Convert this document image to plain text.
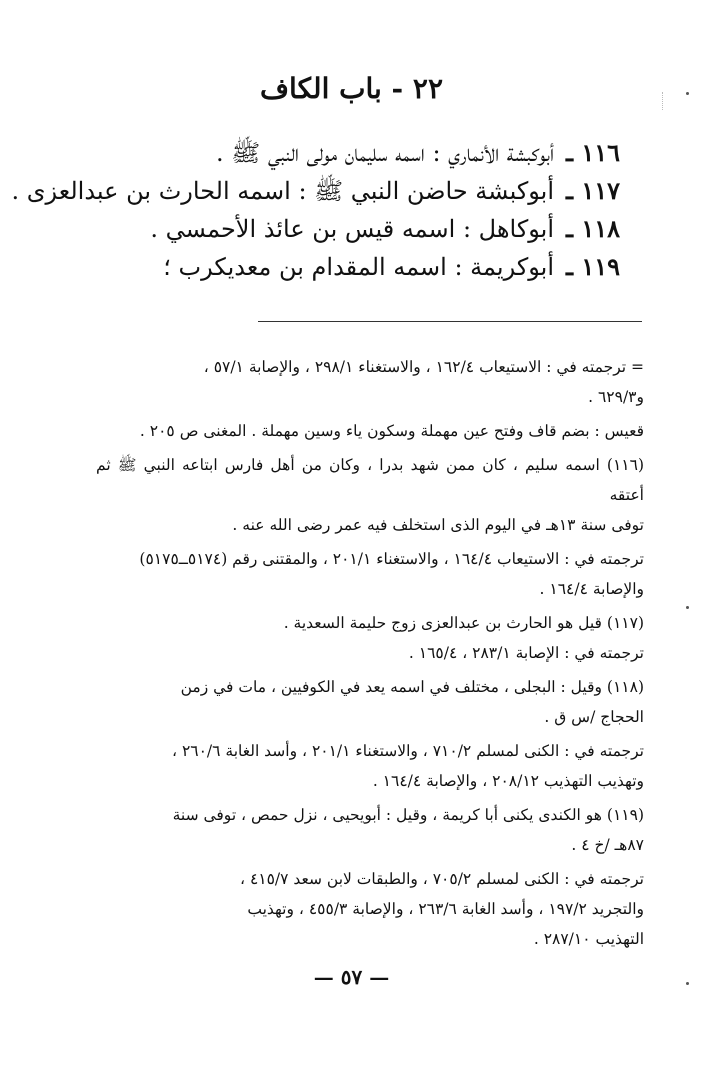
٢٢ - باب الكاف
١١٦ ـ
أبوكبشة الأنماري : اسمه سليمان مولى النبي ﷺ .
١١٧ ـ
أبوكبشة حاضن النبي ﷺ : اسمه الحارث بن عبدالعزى .
١١٨ ـ
أبوكاهل : اسمه قيس بن عائذ الأحمسي .
١١٩ ـ
أبوكريمة : اسمه المقدام بن معديكرب ؛

= ترجمته في : الاستيعاب ١٦٢/٤ ، والاستغناء ٢٩٨/١ ، والإصابة ٥٧/١ ،

و٦٢٩/٣ .

قعيس : بضم قاف وفتح عين مهملة وسكون ياء وسين مهملة . المغنى ص ٢٠٥ .

(١١٦) اسمه سليم ، كان ممن شهد بدرا ، وكان من أهل فارس ابتاعه النبي ﷺ ثم أعتقه

توفى سنة ١٣هـ في اليوم الذى استخلف فيه عمر رضى الله عنه .

ترجمته في : الاستيعاب ١٦٤/٤ ، والاستغناء ٢٠١/١ ، والمقتنى رقم (٥١٧٤ــ٥١٧٥)

والإصابة ١٦٤/٤ .

(١١٧) قيل هو الحارث بن عبدالعزى زوج حليمة السعدية .

ترجمته في : الإصابة ٢٨٣/١ ، ١٦٥/٤ .

(١١٨) وقيل : البجلى ، مختلف في اسمه يعد في الكوفيين ، مات في زمن

الحجاج /س ق .

ترجمته في : الكنى لمسلم ٧١٠/٢ ، والاستغناء ٢٠١/١ ، وأسد الغابة ٢٦٠/٦ ،

وتهذيب التهذيب ٢٠٨/١٢ ، والإصابة ١٦٤/٤ .

(١١٩) هو الكندى يكنى أبا كريمة ، وقيل : أبويحيى ، نزل حمص ، توفى سنة

٨٧هـ /خ ٤ .

ترجمته في : الكنى لمسلم ٧٠٥/٢ ، والطبقات لابن سعد ٤١٥/٧ ،

والتجريد ١٩٧/٢ ، وأسد الغابة ٢٦٣/٦ ، والإصابة ٤٥٥/٣ ، وتهذيب

التهذيب ٢٨٧/١٠ .

— ٥٧ —
